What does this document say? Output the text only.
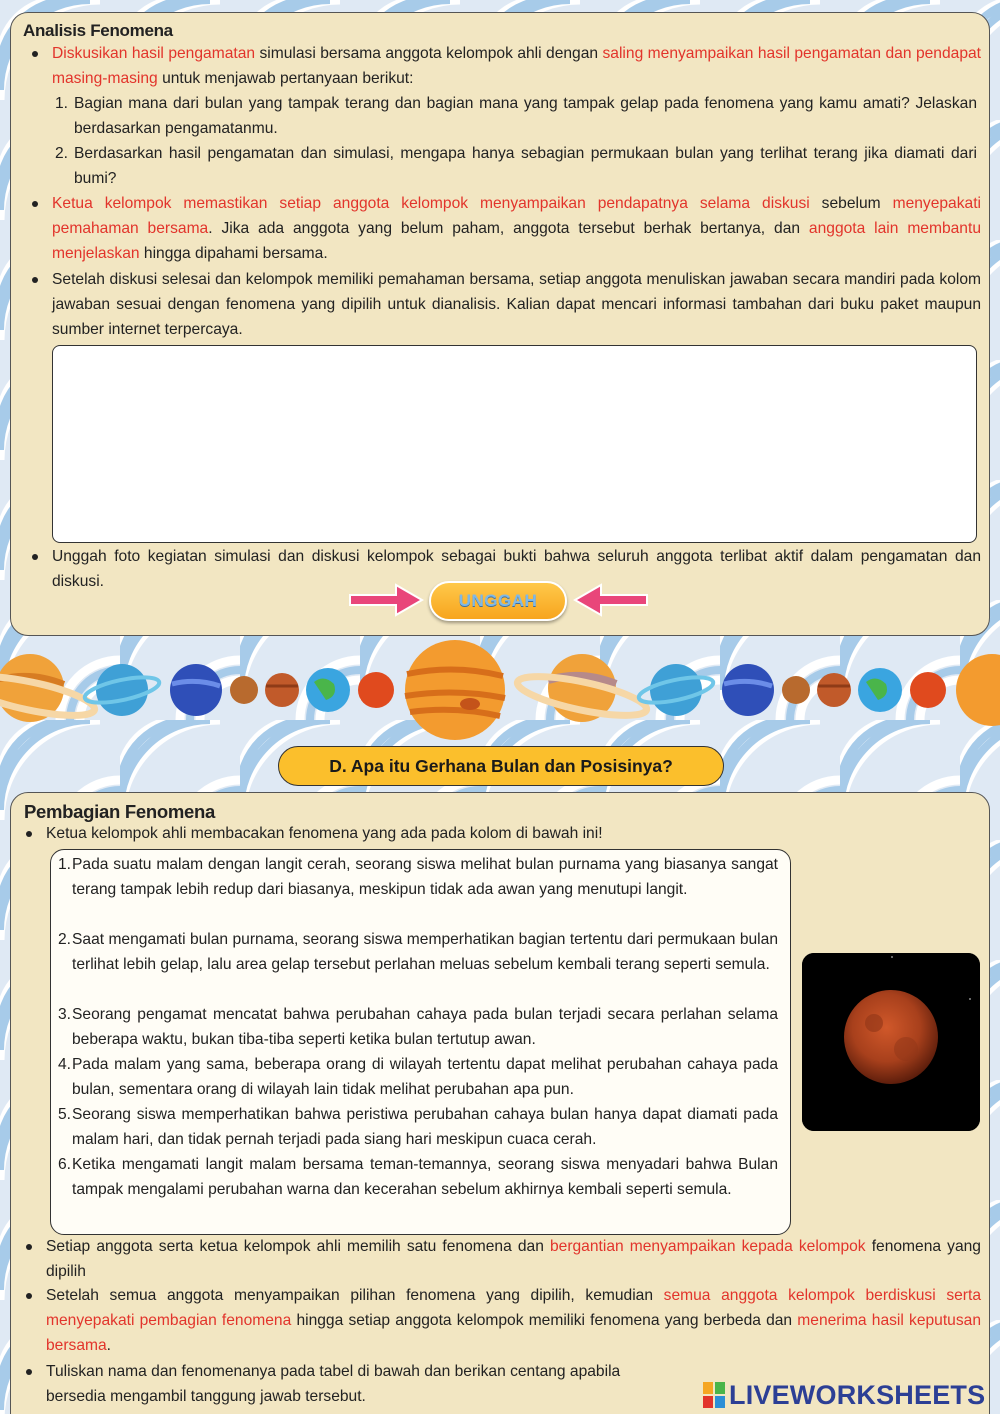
Analisis Fenomena
Diskusikan hasil pengamatan simulasi bersama anggota kelompok ahli dengan saling menyampaikan hasil pengamatan dan pendapat masing-masing untuk menjawab pertanyaan berikut:
1. Bagian mana dari bulan yang tampak terang dan bagian mana yang tampak gelap pada fenomena yang kamu amati? Jelaskan berdasarkan pengamatanmu.
2. Berdasarkan hasil pengamatan dan simulasi, mengapa hanya sebagian permukaan bulan yang terlihat terang jika diamati dari bumi?
Ketua kelompok memastikan setiap anggota kelompok menyampaikan pendapatnya selama diskusi sebelum menyepakati pemahaman bersama. Jika ada anggota yang belum paham, anggota tersebut berhak bertanya, dan anggota lain membantu menjelaskan hingga dipahami bersama.
Setelah diskusi selesai dan kelompok memiliki pemahaman bersama, setiap anggota menuliskan jawaban secara mandiri pada kolom jawaban sesuai dengan fenomena yang dipilih untuk dianalisis. Kalian dapat mencari informasi tambahan dari buku paket maupun sumber internet terpercaya.
Unggah foto kegiatan simulasi dan diskusi kelompok sebagai bukti bahwa seluruh anggota terlibat aktif dalam pengamatan dan diskusi.
UNGGAH
D. Apa itu Gerhana Bulan dan Posisinya?
Pembagian Fenomena
Ketua kelompok ahli membacakan fenomena yang ada pada kolom di bawah ini!
1. Pada suatu malam dengan langit cerah, seorang siswa melihat bulan purnama yang biasanya sangat terang tampak lebih redup dari biasanya, meskipun tidak ada awan yang menutupi langit.
2. Saat mengamati bulan purnama, seorang siswa memperhatikan bagian tertentu dari permukaan bulan terlihat lebih gelap, lalu area gelap tersebut perlahan meluas sebelum kembali terang seperti semula.
3. Seorang pengamat mencatat bahwa perubahan cahaya pada bulan terjadi secara perlahan selama beberapa waktu, bukan tiba-tiba seperti ketika bulan tertutup awan.
4. Pada malam yang sama, beberapa orang di wilayah tertentu dapat melihat perubahan cahaya pada bulan, sementara orang di wilayah lain tidak melihat perubahan apa pun.
5. Seorang siswa memperhatikan bahwa peristiwa perubahan cahaya bulan hanya dapat diamati pada malam hari, dan tidak pernah terjadi pada siang hari meskipun cuaca cerah.
6. Ketika mengamati langit malam bersama teman-temannya, seorang siswa menyadari bahwa Bulan tampak mengalami perubahan warna dan kecerahan sebelum akhirnya kembali seperti semula.
Setiap anggota serta ketua kelompok ahli memilih satu fenomena dan bergantian menyampaikan kepada kelompok fenomena yang dipilih
Setelah semua anggota menyampaikan pilihan fenomena yang dipilih, kemudian semua anggota kelompok berdiskusi serta menyepakati pembagian fenomena hingga setiap anggota kelompok memiliki fenomena yang berbeda dan menerima hasil keputusan bersama.
Tuliskan nama dan fenomenanya pada tabel di bawah dan berikan centang apabila bersedia mengambil tanggung jawab tersebut.	LIVEWORKSHEETS
